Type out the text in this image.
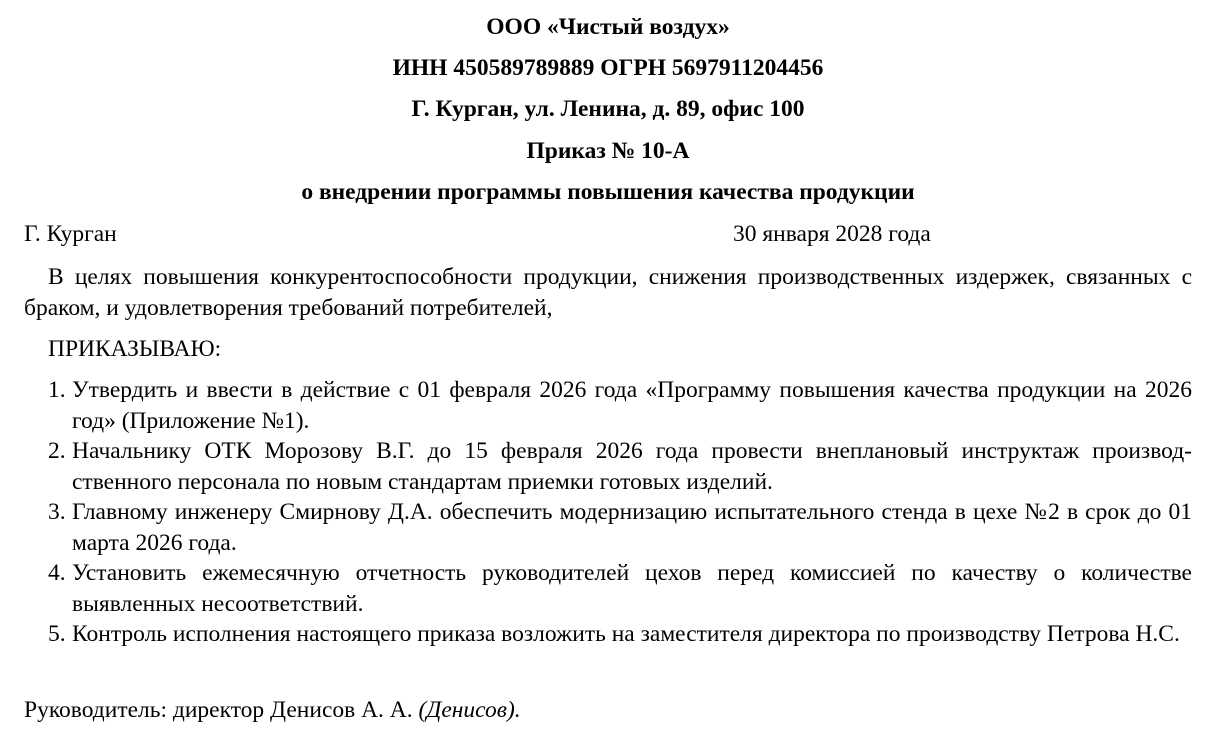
ООО «Чистый воздух»
ИНН 450589789889 ОГРН 5697911204456
Г. Курган, ул. Ленина, д. 89, офис 100
Приказ № 10-А
о внедрении программы повышения качества продукции
Г. Курган	30 января 2028 года

В целях повышения конкурентоспособности продукции, снижения производственных издержек, связанных с браком, и удовлетворения требований потребителей,

ПРИКАЗЫВАЮ:
1. Утвердить и ввести в действие с 01 февраля 2026 года «Программу повышения качества продукции на 2026 год» (Приложение №1).
2. Начальнику ОТК Морозову В.Г. до 15 февраля 2026 года провести внеплановый инструктаж производственного персонала по новым стандартам приемки готовых изделий.
3. Главному инженеру Смирнову Д.А. обеспечить модернизацию испытательного стенда в цехе №2 в срок до 01 марта 2026 года.
4. Установить ежемесячную отчетность руководителей цехов перед комиссией по качеству о количестве выявленных несоответствий.
5. Контроль исполнения настоящего приказа возложить на заместителя директора по производству Петрова Н.С.
Руководитель: директор Денисов А. А. (Денисов).
